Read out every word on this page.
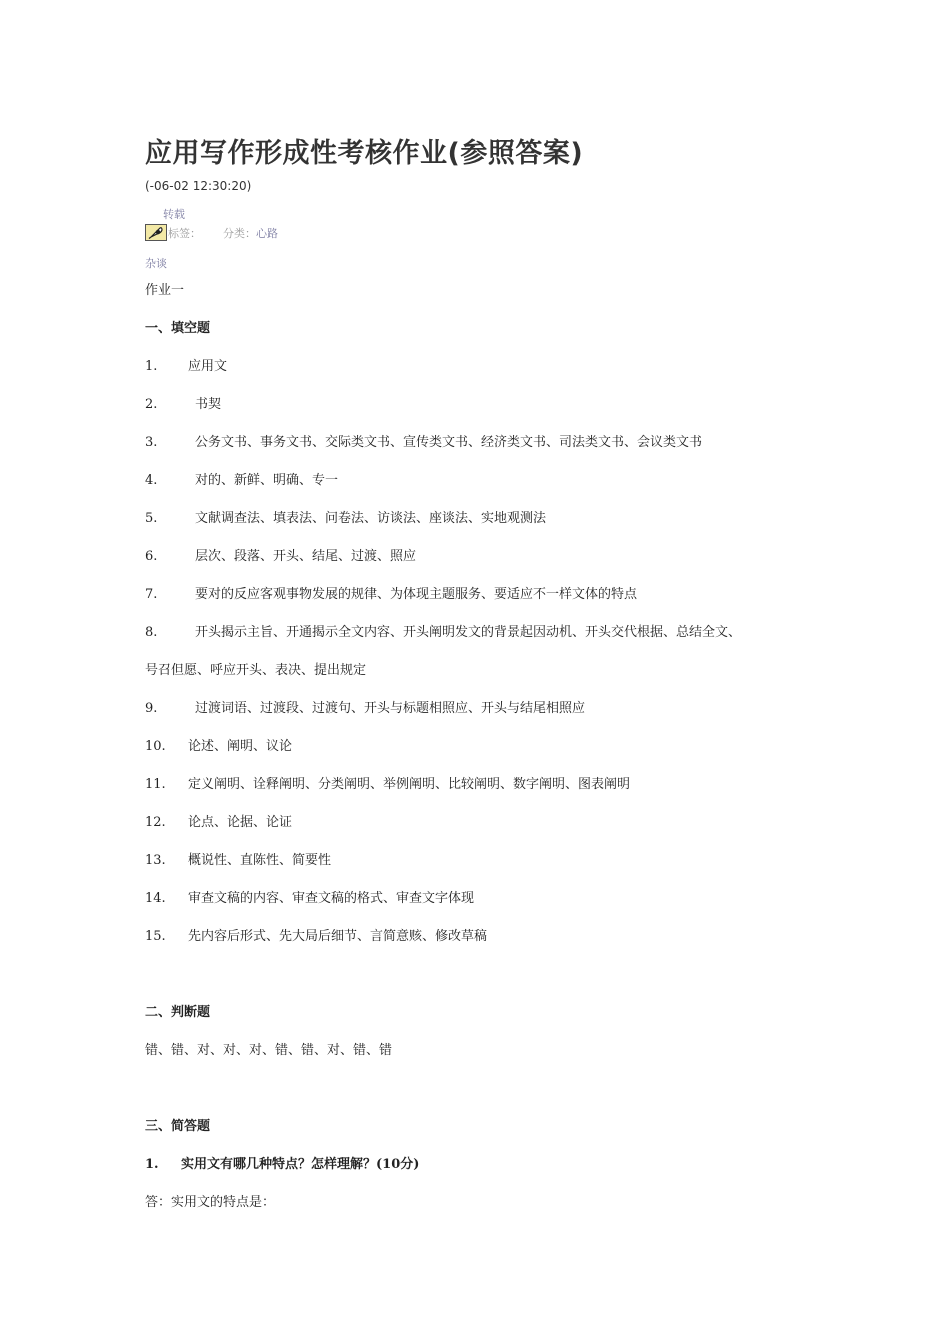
应用写作形成性考核作业(参照答案)
(-06-02 12:30:20)
转载
标签： 分类： 心路
杂谈
作业一
一、填空题
1. 应用文
2.	书契
3.	公务文书、事务文书、交际类文书、宣传类文书、经济类文书、司法类文书、会议类文书
4.	对的、新鲜、明确、专一
5.	文献调查法、填表法、问卷法、访谈法、座谈法、实地观测法
6.	层次、段落、开头、结尾、过渡、照应
7.	要对的反应客观事物发展的规律、为体现主题服务、要适应不一样文体的特点
8.	开头揭示主旨、开通揭示全文内容、开头阐明发文的背景起因动机、开头交代根据、总结全文、
号召但愿、呼应开头、表决、提出规定
9.	过渡词语、过渡段、过渡句、开头与标题相照应、开头与结尾相照应
10. 论述、阐明、议论
11. 定义阐明、诠释阐明、分类阐明、举例阐明、比较阐明、数字阐明、图表阐明
12. 论点、论据、论证
13. 概说性、直陈性、简要性
14. 审查文稿的内容、审查文稿的格式、审查文字体现
15. 先内容后形式、先大局后细节、言简意赅、修改草稿
二、判断题
错、错、对、对、对、错、错、对、错、错
三、简答题
1. 实用文有哪几种特点？怎样理解？(10分)
答：实用文的特点是：
